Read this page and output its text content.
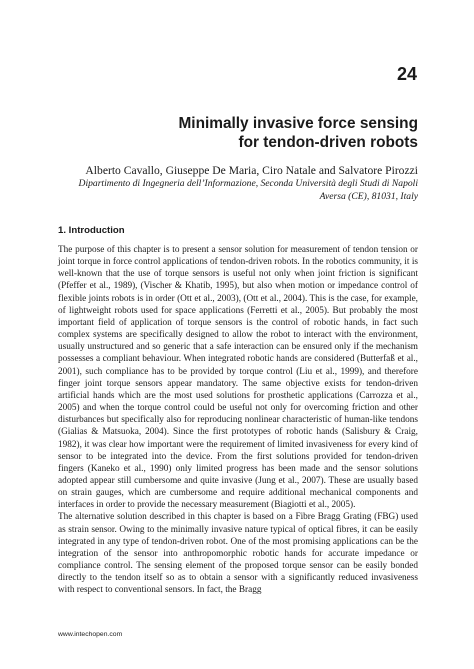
24
Minimally invasive force sensing
for tendon-driven robots
Alberto Cavallo, Giuseppe De Maria, Ciro Natale and Salvatore Pirozzi
Dipartimento di Ingegneria dell’Informazione, Seconda Università degli Studi di Napoli
Aversa (CE), 81031, Italy
1. Introduction

The purpose of this chapter is to present a sensor solution for measurement of tendon tension or joint torque in force control applications of tendon-driven robots. In the robotics community, it is well-known that the use of torque sensors is useful not only when joint friction is significant (Pfeffer et al., 1989), (Vischer & Khatib, 1995), but also when motion or impedance control of flexible joints robots is in order (Ott et al., 2003), (Ott et al., 2004). This is the case, for example, of lightweight robots used for space applications (Ferretti et al., 2005). But probably the most important field of application of torque sensors is the control of robotic hands, in fact such complex systems are specifically designed to allow the robot to interact with the environment, usually unstructured and so generic that a safe interaction can be ensured only if the mechanism possesses a compliant behaviour. When integrated robotic hands are considered (Butterfaß et al., 2001), such compliance has to be provided by torque control (Liu et al., 1999), and therefore finger joint torque sensors appear mandatory. The same objective exists for tendon-driven artificial hands which are the most used solutions for prosthetic applications (Carrozza et al., 2005) and when the torque control could be useful not only for overcoming friction and other disturbances but specifically also for reproducing nonlinear characteristic of human-like tendons (Gialias & Matsuoka, 2004). Since the first prototypes of robotic hands (Salisbury & Craig, 1982), it was clear how important were the requirement of limited invasiveness for every kind of sensor to be integrated into the device. From the first solutions provided for tendon-driven fingers (Kaneko et al., 1990) only limited progress has been made and the sensor solutions adopted appear still cumbersome and quite invasive (Jung et al., 2007). These are usually based on strain gauges, which are cumbersome and require additional mechanical components and interfaces in order to provide the necessary measurement (Biagiotti et al., 2005).

The alternative solution described in this chapter is based on a Fibre Bragg Grating (FBG) used as strain sensor. Owing to the minimally invasive nature typical of optical fibres, it can be easily integrated in any type of tendon-driven robot. One of the most promising applications can be the integration of the sensor into anthropomorphic robotic hands for accurate impedance or compliance control. The sensing element of the proposed torque sensor can be easily bonded directly to the tendon itself so as to obtain a sensor with a significantly reduced invasiveness with respect to conventional sensors. In fact, the Bragg

www.intechopen.com
